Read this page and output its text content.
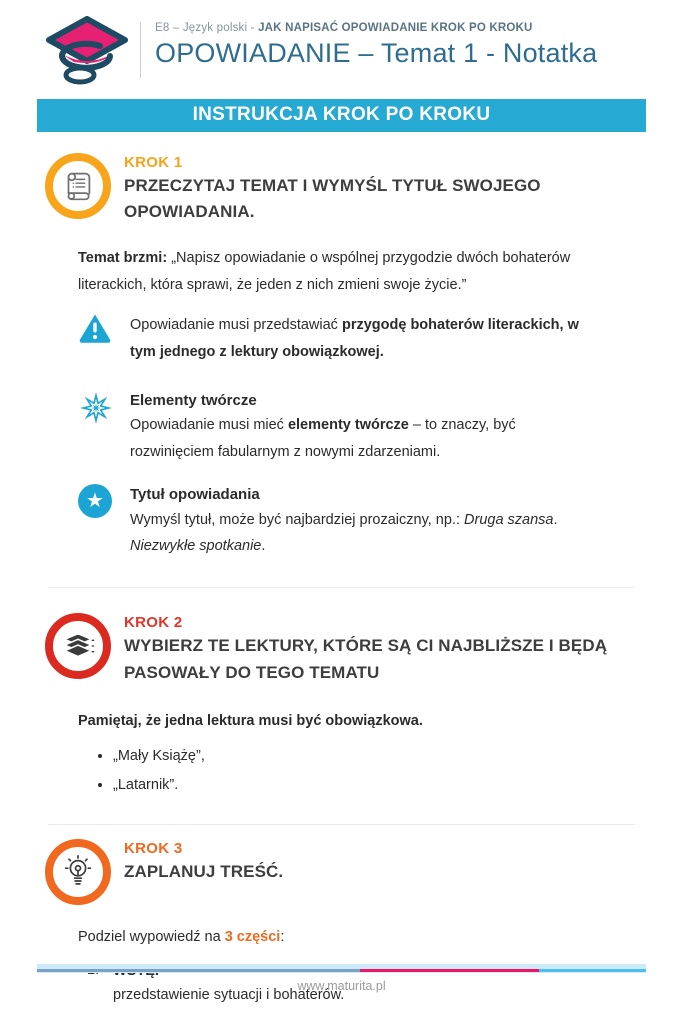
E8 – Język polski - JAK NAPISAĆ OPOWIADANIE KROK PO KROKU
OPOWIADANIE – Temat 1 - Notatka
INSTRUKCJA KROK PO KROKU
KROK 1
PRZECZYTAJ TEMAT I WYMYŚL TYTUŁ SWOJEGO OPOWIADANIA.

Temat brzmi: „Napisz opowiadanie o wspólnej przygodzie dwóch bohaterów literackich, która sprawi, że jeden z nich zmieni swoje życie.”

Opowiadanie musi przedstawiać przygodę bohaterów literackich, w tym jednego z lektury obowiązkowej.

Elementy twórcze

Opowiadanie musi mieć elementy twórcze – to znaczy, być rozwinięciem fabularnym z nowymi zdarzeniami.

★ Tytuł opowiadania

Wymyśl tytuł, może być najbardziej prozaiczny, np.: Druga szansa. Niezwykłe spotkanie.

KROK 2
WYBIERZ TE LEKTURY, KTÓRE SĄ CI NAJBLIŻSZE I BĘDĄ PASOWAŁY DO TEGO TEMATU

Pamiętaj, że jedna lektura musi być obowiązkowa.

• „Mały Książę”,
• „Latarnik”.
KROK 3
ZAPLANUJ TREŚĆ.

Podziel wypowiedź na 3 części:

przedstawienie sytuacji i bohaterów.
www.maturita.pl
